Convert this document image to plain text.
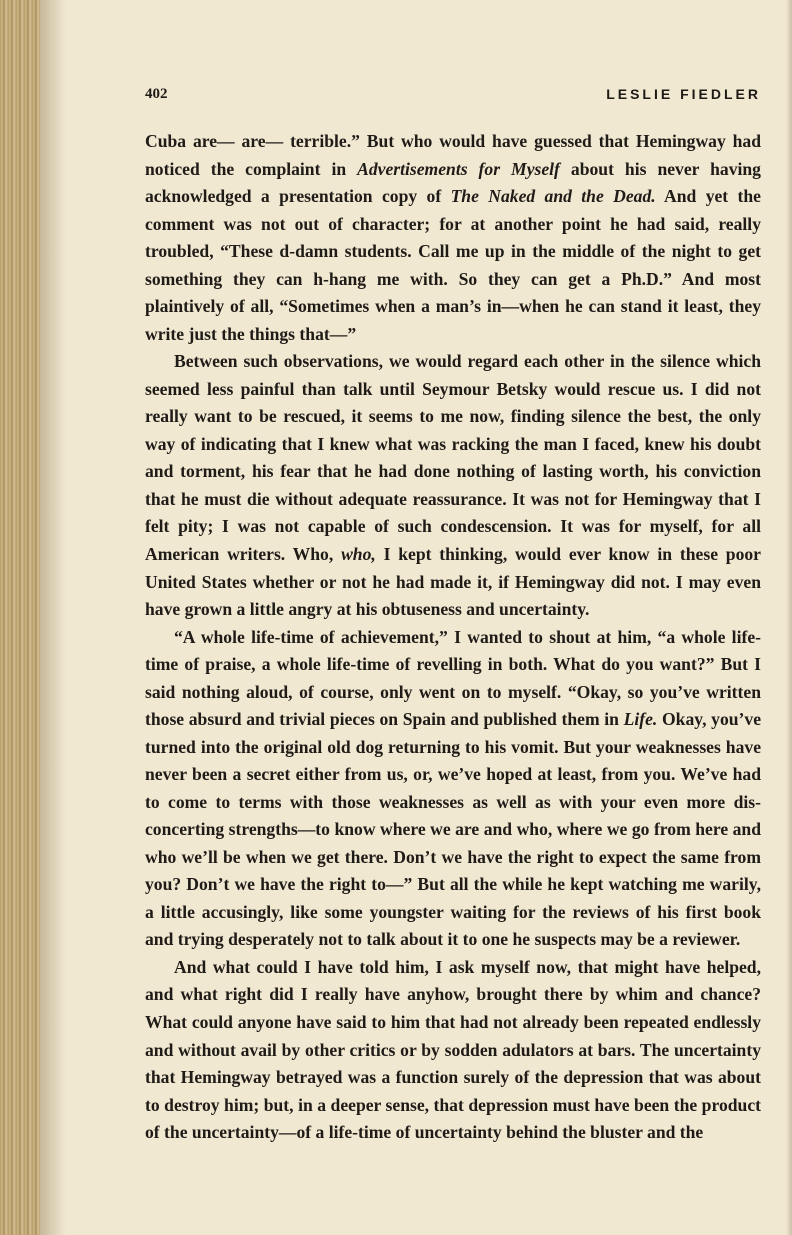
402	LESLIE FIEDLER

Cuba are— are— terrible.” But who would have guessed that Hemingway had noticed the complaint in Advertisements for Myself about his never having acknowledged a presentation copy of The Naked and the Dead. And yet the comment was not out of character; for at another point he had said, really troubled, “These d-damn students. Call me up in the middle of the night to get something they can h-hang me with. So they can get a Ph.D.” And most plaintively of all, “Sometimes when a man’s in—when he can stand it least, they write just the things that—”

Between such observations, we would regard each other in the silence which seemed less painful than talk until Seymour Betsky would rescue us. I did not really want to be rescued, it seems to me now, finding silence the best, the only way of indicating that I knew what was racking the man I faced, knew his doubt and torment, his fear that he had done nothing of lasting worth, his conviction that he must die without adequate reassurance. It was not for Hemingway that I felt pity; I was not capable of such condescension. It was for myself, for all American writers. Who, who, I kept thinking, would ever know in these poor United States whether or not he had made it, if Hemingway did not. I may even have grown a little angry at his obtuseness and uncertainty.

“A whole life-time of achievement,” I wanted to shout at him, “a whole life-time of praise, a whole life-time of revelling in both. What do you want?” But I said nothing aloud, of course, only went on to myself. “Okay, so you’ve written those absurd and trivial pieces on Spain and published them in Life. Okay, you’ve turned into the original old dog returning to his vomit. But your weaknesses have never been a secret either from us, or, we’ve hoped at least, from you. We’ve had to come to terms with those weaknesses as well as with your even more disconcerting strengths—to know where we are and who, where we go from here and who we’ll be when we get there. Don’t we have the right to expect the same from you? Don’t we have the right to—” But all the while he kept watching me warily, a little accusingly, like some youngster waiting for the reviews of his first book and trying desperately not to talk about it to one he suspects may be a reviewer.

And what could I have told him, I ask myself now, that might have helped, and what right did I really have anyhow, brought there by whim and chance? What could anyone have said to him that had not already been repeated endlessly and without avail by other critics or by sodden adulators at bars. The uncertainty that Hemingway betrayed was a function surely of the depression that was about to destroy him; but, in a deeper sense, that depression must have been the product of the uncertainty—of a life-time of uncertainty behind the bluster and the
